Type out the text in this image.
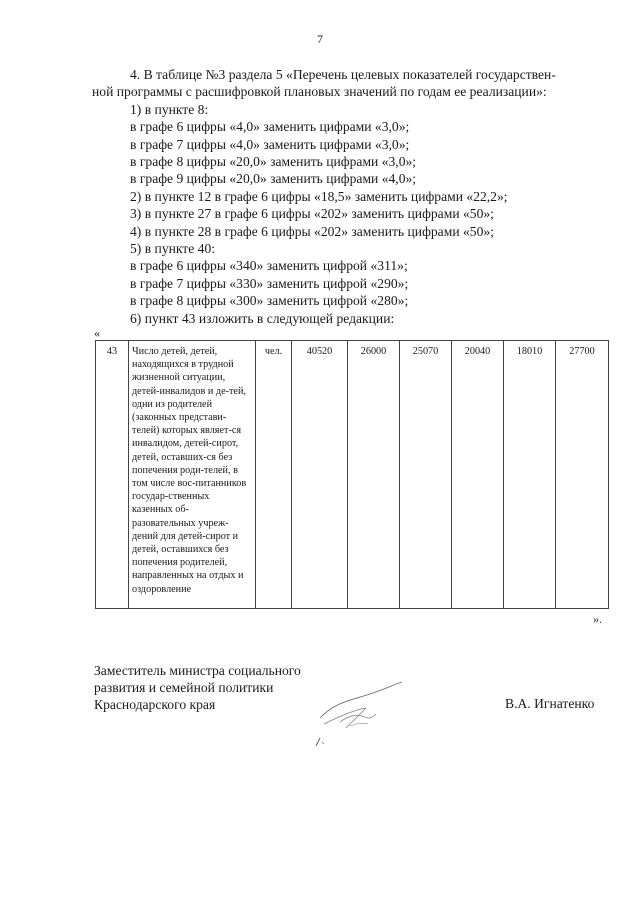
7

4. В таблице №3 раздела 5 «Перечень целевых показателей государствен-

ной программы с расшифровкой плановых значений по годам ее реализации»:

1) в пункте 8:

в графе 6 цифры «4,0» заменить цифрами «3,0»;

в графе 7 цифры «4,0» заменить цифрами «3,0»;

в графе 8 цифры «20,0» заменить цифрами «3,0»;

в графе 9 цифры «20,0» заменить цифрами «4,0»;

2) в пункте 12 в графе 6 цифры «18,5» заменить цифрами «22,2»;

3) в пункте 27 в графе 6 цифры «202» заменить цифрами «50»;

4) в пункте 28 в графе 6 цифры «202» заменить цифрами «50»;

5) в пункте 40:

в графе 6 цифры «340» заменить цифрой «311»;

в графе 7 цифры «330» заменить цифрой «290»;

в графе 8 цифры «300» заменить цифрой «280»;

6) пункт 43 изложить в следующей редакции:

«
43	Число детей, детей, находящихся в трудной жизненной ситуации, детей-инвалидов и де-тей, одни из родителей (законных представи-телей) которых являет-ся инвалидом, детей-сирот, детей, оставших-ся без попечения роди-телей, в том числе вос-питанников государ-ственных казенных об-разовательных учреж-дений для детей-сирот и детей, оставшихся без попечения родителей, направленных на отдых и оздоровление	чел.	40520	26000	25070	20040	18010	27700
».
Заместитель министра социального
развития и семейной политики
Краснодарского края	В.А. Игнатенко
